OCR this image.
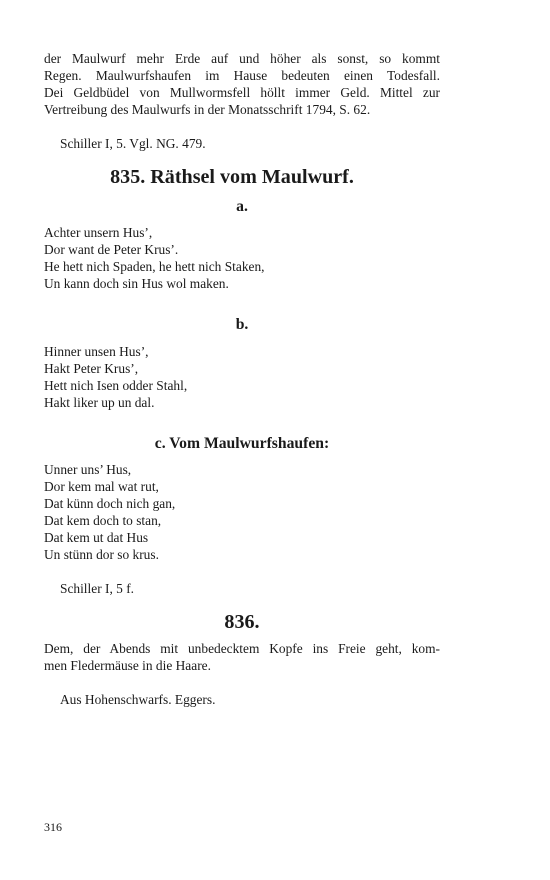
der Maulwurf mehr Erde auf und höher als sonst, so kommt

Regen. Maulwurfshaufen im Hause bedeuten einen Todesfall.

Dei Geldbüdel von Mullwormsfell höllt immer Geld. Mittel zur

Vertreibung des Maulwurfs in der Monatsschrift 1794, S. 62.

Schiller I, 5. Vgl. NG. 479.

835. Räthsel vom Maulwurf.
a.
Achter unsern Hus’,
Dor want de Peter Krus’.
He hett nich Spaden, he hett nich Staken,
Un kann doch sin Hus wol maken.
b.
Hinner unsen Hus’,
Hakt Peter Krus’,
Hett nich Isen odder Stahl,
Hakt liker up un dal.
c. Vom Maulwurfshaufen:
Unner uns’ Hus,
Dor kem mal wat rut,
Dat künn doch nich gan,
Dat kem doch to stan,
Dat kem ut dat Hus
Un stünn dor so krus.

Schiller I, 5 f.

836.

Dem, der Abends mit unbedecktem Kopfe ins Freie geht, kom-

men Fledermäuse in die Haare.

Aus Hohenschwarfs. Eggers.

316
